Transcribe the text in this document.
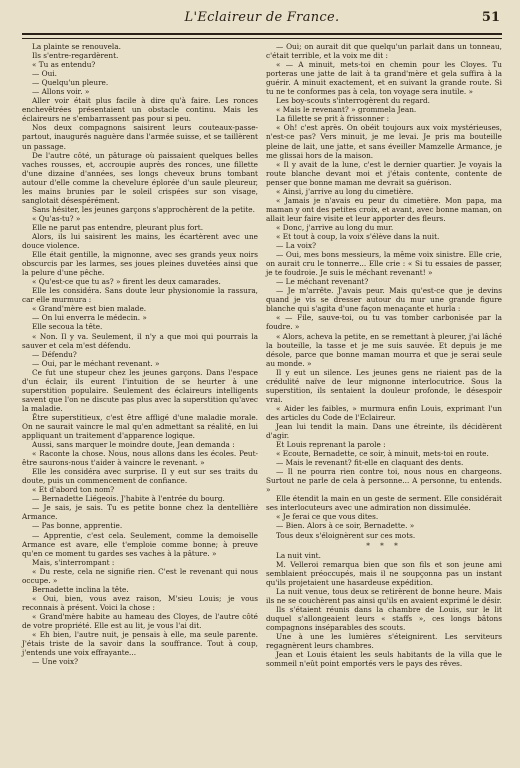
L'Eclaireur de France.	51

La plainte se renouvela.

Ils s'entre-regardèrent.

« Tu as entendu?

— Oui.

— Quelqu'un pleure.

— Allons voir. »

Aller voir était plus facile à dire qu'à faire. Les ronces enchevêtrées présentaient un obstacle continu. Mais les éclaireurs ne s'embarrassent pas pour si peu.

Nos deux compagnons saisirent leurs couteaux-passe-partout, inaugurés naguère dans l'armée suisse, et se taillèrent un passage.

De l'autre côté, un pâturage où paissaient quelques belles vaches rousses, et, accroupie auprès des ronces, une fillette d'une dizaine d'années, ses longs cheveux bruns tombant autour d'elle comme la chevelure éplorée d'un saule pleureur, les mains brunies par le soleil crispées sur son visage, sanglotait désespérément.

Sans hésiter, les jeunes garçons s'approchèrent de la petite.

« Qu'as-tu? »

Elle ne parut pas entendre, pleurant plus fort.

Alors, ils lui saisirent les mains, les écartèrent avec une douce violence.

Elle était gentille, la mignonne, avec ses grands yeux noirs obscurcis par les larmes, ses joues pleines duvetées ainsi que la pelure d'une pêche.

« Qu'est-ce que tu as? » firent les deux camarades.

Elle les considéra. Sans doute leur physionomie la rassura, car elle murmura :

« Grand'mère est bien malade.

— On lui enverra le médecin. »

Elle secoua la tête.

« Non. Il y va. Seulement, il n'y a que moi qui pourrais la sauver et cela m'est défendu.

— Défendu?

— Oui, par le méchant revenant. »

Ce fut une stupeur chez les jeunes garçons. Dans l'espace d'un éclair, ils eurent l'intuition de se heurter à une superstition populaire. Seulement des éclaireurs intelligents savent que l'on ne discute pas plus avec la superstition qu'avec la maladie.

Être superstitieux, c'est être affligé d'une maladie morale. On ne saurait vaincre le mal qu'en admettant sa réalité, en lui appliquant un traitement d'apparence logique.

Aussi, sans marquer le moindre doute, Jean demanda :

« Raconte la chose. Nous, nous allons dans les écoles. Peut-être saurons-nous t'aider à vaincre le revenant. »

Elle les considéra avec surprise. Il y eut sur ses traits du doute, puis un commencement de confiance.

« Et d'abord ton nom?

— Bernadette Liégeois. J'habite à l'entrée du bourg.

— Je sais, je sais. Tu es petite bonne chez la dentellière Armance.

— Pas bonne, apprentie.

— Apprentie, c'est cela. Seulement, comme la demoiselle Armance est avare, elle t'emploie comme bonne; à preuve qu'en ce moment tu gardes ses vaches à la pâture. »

Mais, s'interrompant :

« Du reste, cela ne signifie rien. C'est le revenant qui nous occupe. »

Bernadette inclina la tête.

« Oui, bien, vous avez raison, M'sieu Louis; je vous reconnais à présent. Voici la chose :

« Grand'mère habite au hameau des Cloyes, de l'autre côté de votre propriété. Elle est au lit, je vous l'ai dit.

« Eh bien, l'autre nuit, je pensais à elle, ma seule parente. J'étais triste de la savoir dans la souffrance. Tout à coup, j'entends une voix effrayante...

— Une voix?

— Oui; on aurait dit que quelqu'un parlait dans un tonneau, c'était terrible, et la voix me dit :

« — A minuit, mets-toi en chemin pour les Cloyes. Tu porteras une jatte de lait à ta grand'mère et gela suffira à la guérir. A minuit exactement, et en suivant la grande route. Si tu ne te conformes pas à cela, ton voyage sera inutile. »

Les boy-scouts s'interrogèrent du regard.

« Mais le revenant? » grommela Jean.

La fillette se prit à frissonner :

« Oh! c'est après. On obéit toujours aux voix mystérieuses, n'est-ce pas? Vers minuit, je me levai. Je pris ma bouteille pleine de lait, une jatte, et sans éveiller Mamzelle Armance, je me glissai hors de la maison.

« Il y avait de la lune, c'est le dernier quartier. Je voyais la route blanche devant moi et j'étais contente, contente de penser que bonne maman me devrait sa guérison.

« Ainsi, j'arrive au long du cimetière.

« Jamais je n'avais eu peur du cimetière. Mon papa, ma maman y ont des petites croix, et avant, avec bonne maman, on allait leur faire visite et leur apporter des fleurs.

« Donc, j'arrive au long du mur.

« Et tout à coup, la voix s'élève dans la nuit.

— La voix?

— Oui, mes bons messieurs, la même voix sinistre. Elle crie, on aurait cru le tonnerre... Elle crie : « Si tu essaies de passer, je te foudroie. Je suis le méchant revenant! »

— Le méchant revenant?

— Je m'arrête. J'avais peur. Mais qu'est-ce que je devins quand je vis se dresser autour du mur une grande figure blanche qui s'agita d'une façon menaçante et hurla :

« — File, sauve-toi, ou tu vas tomber carbonisée par la foudre. »

« Alors, acheva la petite, en se remettant à pleurer, j'ai lâché la bouteille, la tasse et je me suis sauvée. Et depuis je me désole, parce que bonne maman mourra et que je serai seule au monde. »

Il y eut un silence. Les jeunes gens ne riaient pas de la crédulité naïve de leur mignonne interlocutrice. Sous la superstition, ils sentaient la douleur profonde, le désespoir vrai.

« Aider les faibles, » murmura enfin Louis, exprimant l'un des articles du Code de l'Eclaireur.

Jean lui tendit la main. Dans une étreinte, ils décidèrent d'agir.

Et Louis reprenant la parole :

« Ecoute, Bernadette, ce soir, à minuit, mets-toi en route.

— Mais le revenant? fit-elle en claquant des dents.

— Il ne pourra rien contre toi, nous nous en chargeons. Surtout ne parle de cela à personne... A personne, tu entends. »

Elle étendit la main en un geste de serment. Elle considérait ses interlocuteurs avec une admiration non dissimulée.

« Je ferai ce que vous dites.

— Bien. Alors à ce soir, Bernadette. »

Tous deux s'éloignèrent sur ces mots.

* * *

La nuit vint.

M. Velleroi remarqua bien que son fils et son jeune ami semblaient préoccupés, mais il ne soupçonna pas un instant qu'ils projetaient une hasardeuse expédition.

La nuit venue, tous deux se retirèrent de bonne heure. Mais ils ne se couchèrent pas ainsi qu'ils en avaient exprimé le désir.

Ils s'étaient réunis dans la chambre de Louis, sur le lit duquel s'allongeaient leurs « staffs », ces longs bâtons compagnons inséparables des scouts.

Une à une les lumières s'éteignirent. Les serviteurs regagnèrent leurs chambres.

Jean et Louis étaient les seuls habitants de la villa que le sommeil n'eût point emportés vers le pays des rêves.
